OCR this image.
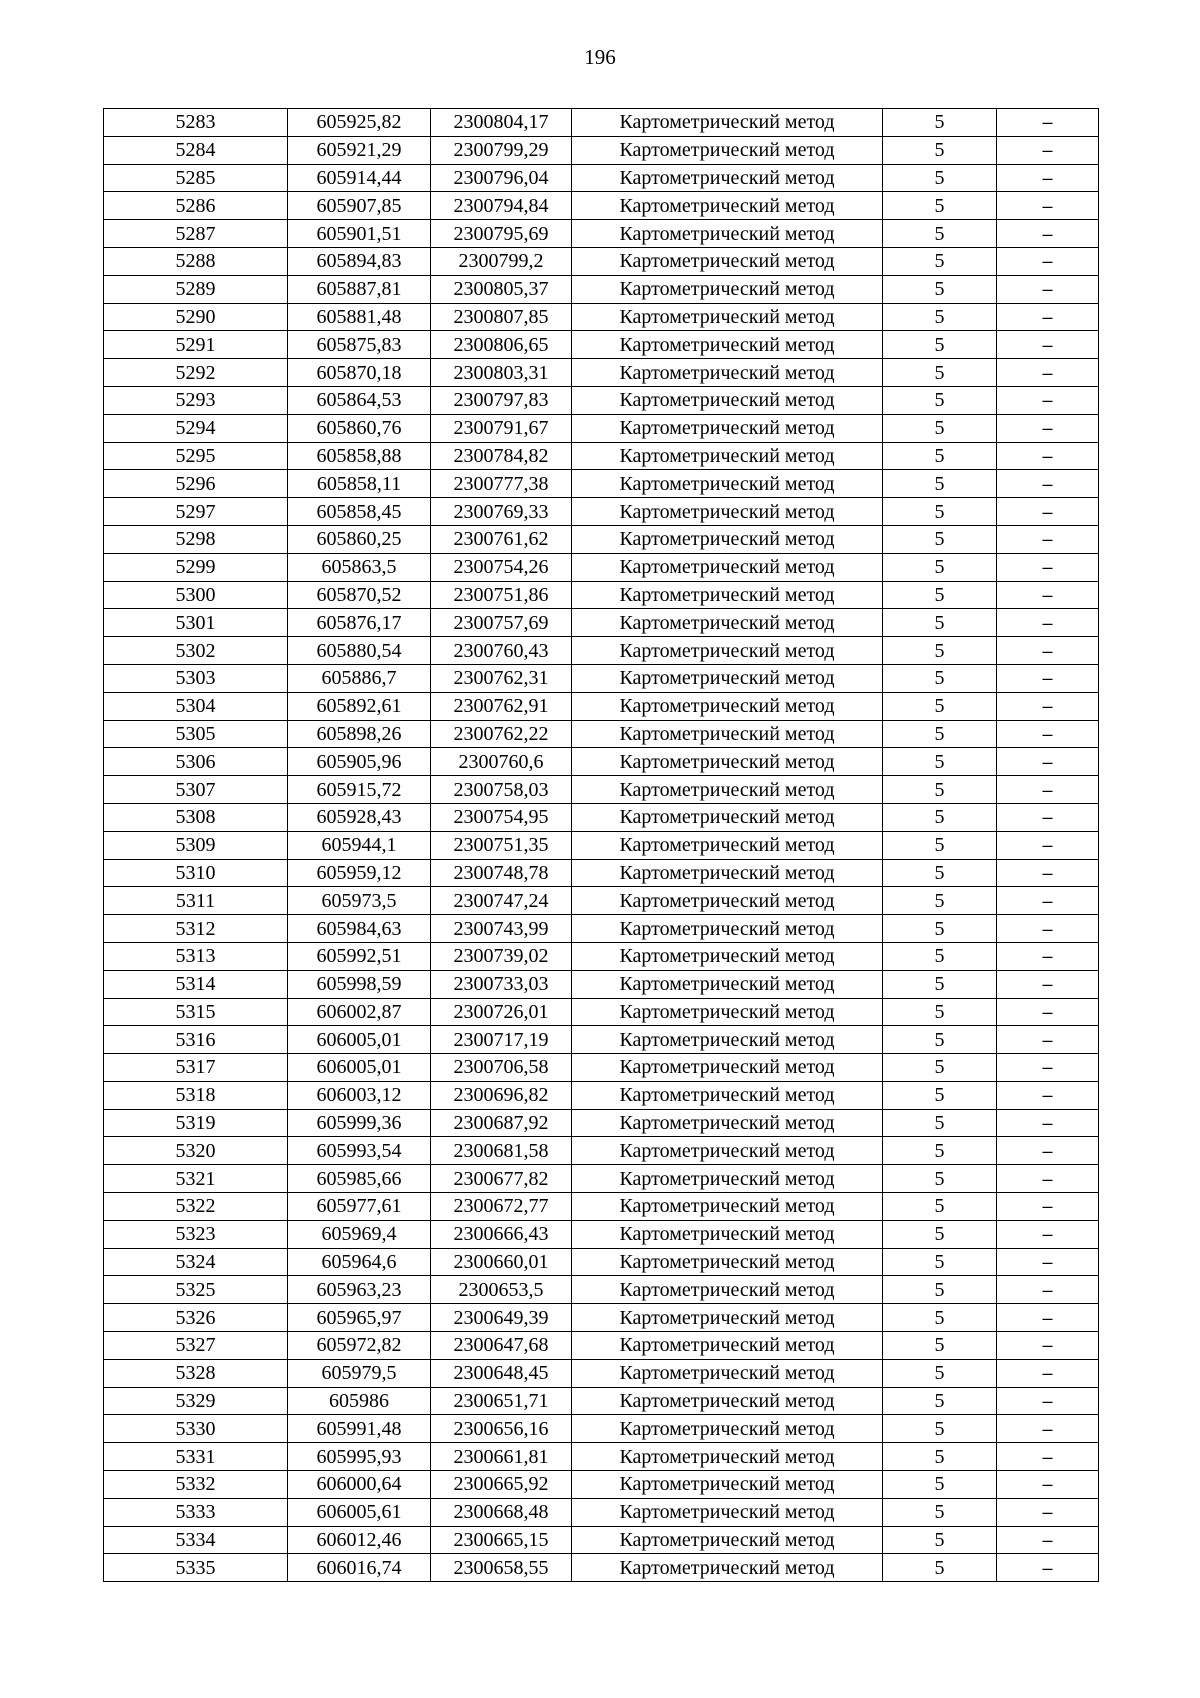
196
5283	605925,82	2300804,17	Картометрический метод	5	–
5284	605921,29	2300799,29	Картометрический метод	5	–
5285	605914,44	2300796,04	Картометрический метод	5	–
5286	605907,85	2300794,84	Картометрический метод	5	–
5287	605901,51	2300795,69	Картометрический метод	5	–
5288	605894,83	2300799,2	Картометрический метод	5	–
5289	605887,81	2300805,37	Картометрический метод	5	–
5290	605881,48	2300807,85	Картометрический метод	5	–
5291	605875,83	2300806,65	Картометрический метод	5	–
5292	605870,18	2300803,31	Картометрический метод	5	–
5293	605864,53	2300797,83	Картометрический метод	5	–
5294	605860,76	2300791,67	Картометрический метод	5	–
5295	605858,88	2300784,82	Картометрический метод	5	–
5296	605858,11	2300777,38	Картометрический метод	5	–
5297	605858,45	2300769,33	Картометрический метод	5	–
5298	605860,25	2300761,62	Картометрический метод	5	–
5299	605863,5	2300754,26	Картометрический метод	5	–
5300	605870,52	2300751,86	Картометрический метод	5	–
5301	605876,17	2300757,69	Картометрический метод	5	–
5302	605880,54	2300760,43	Картометрический метод	5	–
5303	605886,7	2300762,31	Картометрический метод	5	–
5304	605892,61	2300762,91	Картометрический метод	5	–
5305	605898,26	2300762,22	Картометрический метод	5	–
5306	605905,96	2300760,6	Картометрический метод	5	–
5307	605915,72	2300758,03	Картометрический метод	5	–
5308	605928,43	2300754,95	Картометрический метод	5	–
5309	605944,1	2300751,35	Картометрический метод	5	–
5310	605959,12	2300748,78	Картометрический метод	5	–
5311	605973,5	2300747,24	Картометрический метод	5	–
5312	605984,63	2300743,99	Картометрический метод	5	–
5313	605992,51	2300739,02	Картометрический метод	5	–
5314	605998,59	2300733,03	Картометрический метод	5	–
5315	606002,87	2300726,01	Картометрический метод	5	–
5316	606005,01	2300717,19	Картометрический метод	5	–
5317	606005,01	2300706,58	Картометрический метод	5	–
5318	606003,12	2300696,82	Картометрический метод	5	–
5319	605999,36	2300687,92	Картометрический метод	5	–
5320	605993,54	2300681,58	Картометрический метод	5	–
5321	605985,66	2300677,82	Картометрический метод	5	–
5322	605977,61	2300672,77	Картометрический метод	5	–
5323	605969,4	2300666,43	Картометрический метод	5	–
5324	605964,6	2300660,01	Картометрический метод	5	–
5325	605963,23	2300653,5	Картометрический метод	5	–
5326	605965,97	2300649,39	Картометрический метод	5	–
5327	605972,82	2300647,68	Картометрический метод	5	–
5328	605979,5	2300648,45	Картометрический метод	5	–
5329	605986	2300651,71	Картометрический метод	5	–
5330	605991,48	2300656,16	Картометрический метод	5	–
5331	605995,93	2300661,81	Картометрический метод	5	–
5332	606000,64	2300665,92	Картометрический метод	5	–
5333	606005,61	2300668,48	Картометрический метод	5	–
5334	606012,46	2300665,15	Картометрический метод	5	–
5335	606016,74	2300658,55	Картометрический метод	5	–
